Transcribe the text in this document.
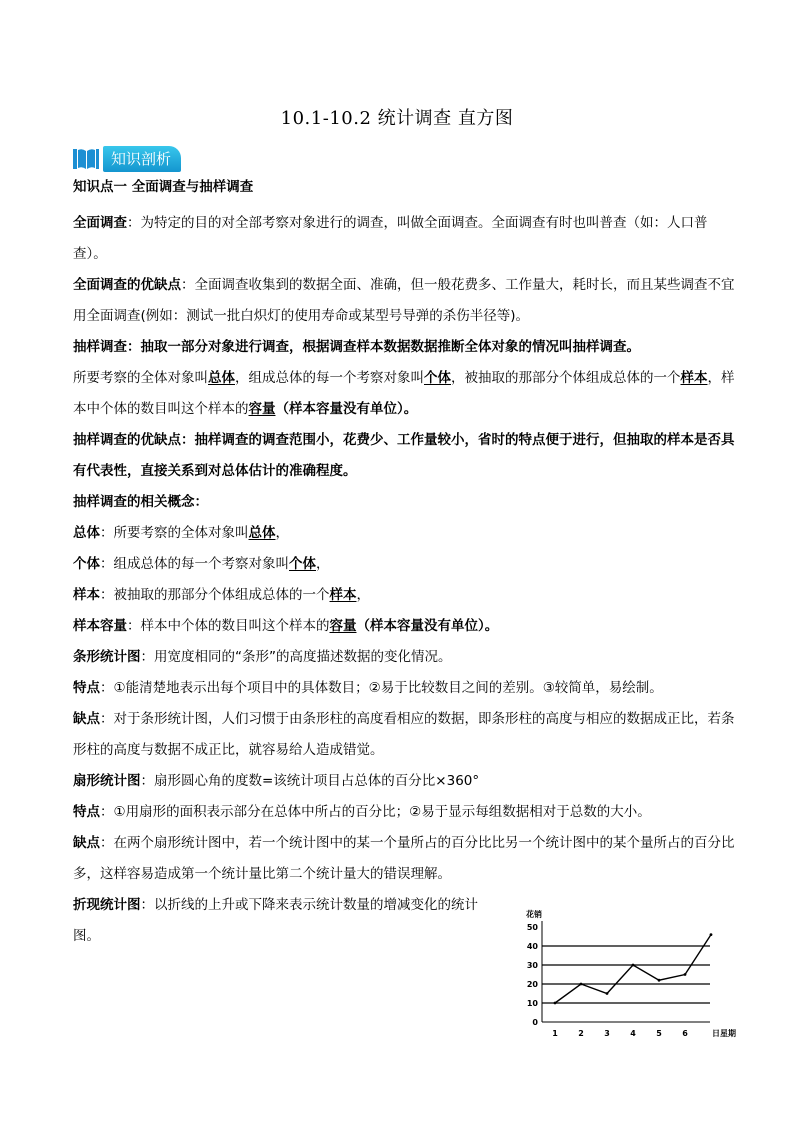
10.1-10.2 统计调查 直方图
知识剖析
知识点一 全面调查与抽样调查

全面调查：为特定的目的对全部考察对象进行的调查，叫做全面调查。全面调查有时也叫普查（如：人口普查）。

全面调查的优缺点：全面调查收集到的数据全面、准确，但一般花费多、工作量大，耗时长，而且某些调查不宜用全面调查(例如：测试一批白炽灯的使用寿命或某型号导弹的杀伤半径等)。

抽样调查：抽取一部分对象进行调查，根据调查样本数据数据推断全体对象的情况叫抽样调查。

所要考察的全体对象叫总体，组成总体的每一个考察对象叫个体，被抽取的那部分个体组成总体的一个样本，样本中个体的数目叫这个样本的容量（样本容量没有单位）。

抽样调查的优缺点：抽样调查的调查范围小，花费少、工作量较小，省时的特点便于进行，但抽取的样本是否具有代表性，直接关系到对总体估计的准确程度。

抽样调查的相关概念：

总体：所要考察的全体对象叫总体，

个体：组成总体的每一个考察对象叫个体，

样本：被抽取的那部分个体组成总体的一个样本，

样本容量：样本中个体的数目叫这个样本的容量（样本容量没有单位）。

条形统计图：用宽度相同的“条形”的高度描述数据的变化情况。

特点：①能清楚地表示出每个项目中的具体数目；②易于比较数目之间的差别。③较简单，易绘制。

缺点：对于条形统计图，人们习惯于由条形柱的高度看相应的数据，即条形柱的高度与相应的数据成正比，若条形柱的高度与数据不成正比，就容易给人造成错觉。

扇形统计图：扇形圆心角的度数=该统计项目占总体的百分比×360°

特点：①用扇形的面积表示部分在总体中所占的百分比；②易于显示每组数据相对于总数的大小。

缺点：在两个扇形统计图中，若一个统计图中的某一个量所占的百分比比另一个统计图中的某个量所占的百分比多，这样容易造成第一个统计量比第二个统计量大的错误理解。

折现统计图：以折线的上升或下降来表示统计数量的增减变化的统计图。

0
10
20
30
40
50
1	2	3	4	5	6
花销
日星期
